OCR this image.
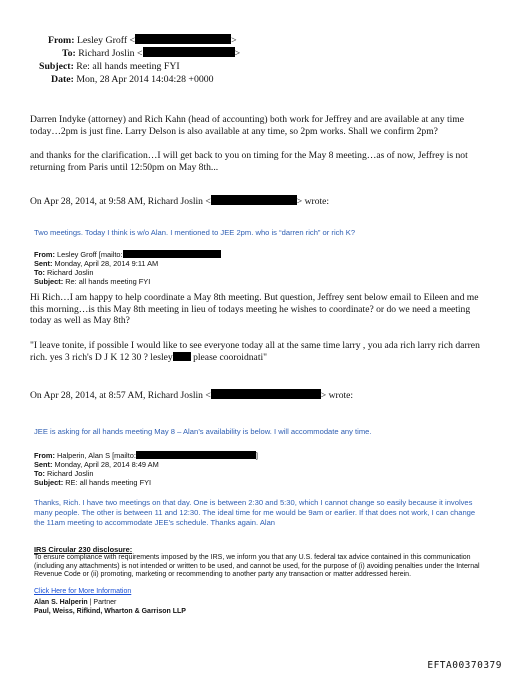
From: Lesley Groff <	>
To: Richard Joslin <	>
Subject: Re: all hands meeting FYI
Date: Mon, 28 Apr 2014 14:04:28 +0000
Darren Indyke (attorney) and Rich Kahn (head of accounting) both work for Jeffrey and are available at any time today…2pm is just fine. Larry Delson is also available at any time, so 2pm works. Shall we confirm 2pm?
and thanks for the clarification…I will get back to you on timing for the May 8 meeting…as of now, Jeffrey is not returning from Paris until 12:50pm on May 8th...
On Apr 28, 2014, at 9:58 AM, Richard Joslin <	> wrote:
Two meetings. Today I think is w/o Alan. I mentioned to JEE 2pm. who is “darren rich” or rich K?
From: Lesley Groff [mailto:
Sent: Monday, April 28, 2014 9:11 AM
To: Richard Joslin
Subject: Re: all hands meeting FYI
Hi Rich…I am happy to help coordinate a May 8th meeting. But question, Jeffrey sent below email to Eileen and me this morning…is this May 8th meeting in lieu of todays meeting he wishes to coordinate? or do we need a meeting today as well as May 8th?
"I leave tonite, if possible I would like to see everyone today all at the same time larry , you ada rich larry rich darren rich. yes 3 rich's D J K 12 30 ? lesley please cooroidnati"
On Apr 28, 2014, at 8:57 AM, Richard Joslin <	> wrote:
JEE is asking for all hands meeting May 8 – Alan’s availability is below. I will accommodate any time.
From: Halperin, Alan S [mailto:	]
Sent: Monday, April 28, 2014 8:49 AM
To: Richard Joslin
Subject: RE: all hands meeting FYI
Thanks, Rich. I have two meetings on that day. One is between 2:30 and 5:30, which I cannot change so easily because it involves many people. The other is between 11 and 12:30. The ideal time for me would be 9am or earlier. If that does not work, I can change the 11am meeting to accommodate JEE’s schedule. Thanks again. Alan
IRS Circular 230 disclosure:
To ensure compliance with requirements imposed by the IRS, we inform you that any U.S. federal tax advice contained in this communication (including any attachments) is not intended or written to be used, and cannot be used, for the purpose of (i) avoiding penalties under the Internal Revenue Code or (ii) promoting, marketing or recommending to another party any transaction or matter addressed herein.
Click Here for More Information
Alan S. Halperin | Partner
Paul, Weiss, Rifkind, Wharton & Garrison LLP
EFTA00370379
